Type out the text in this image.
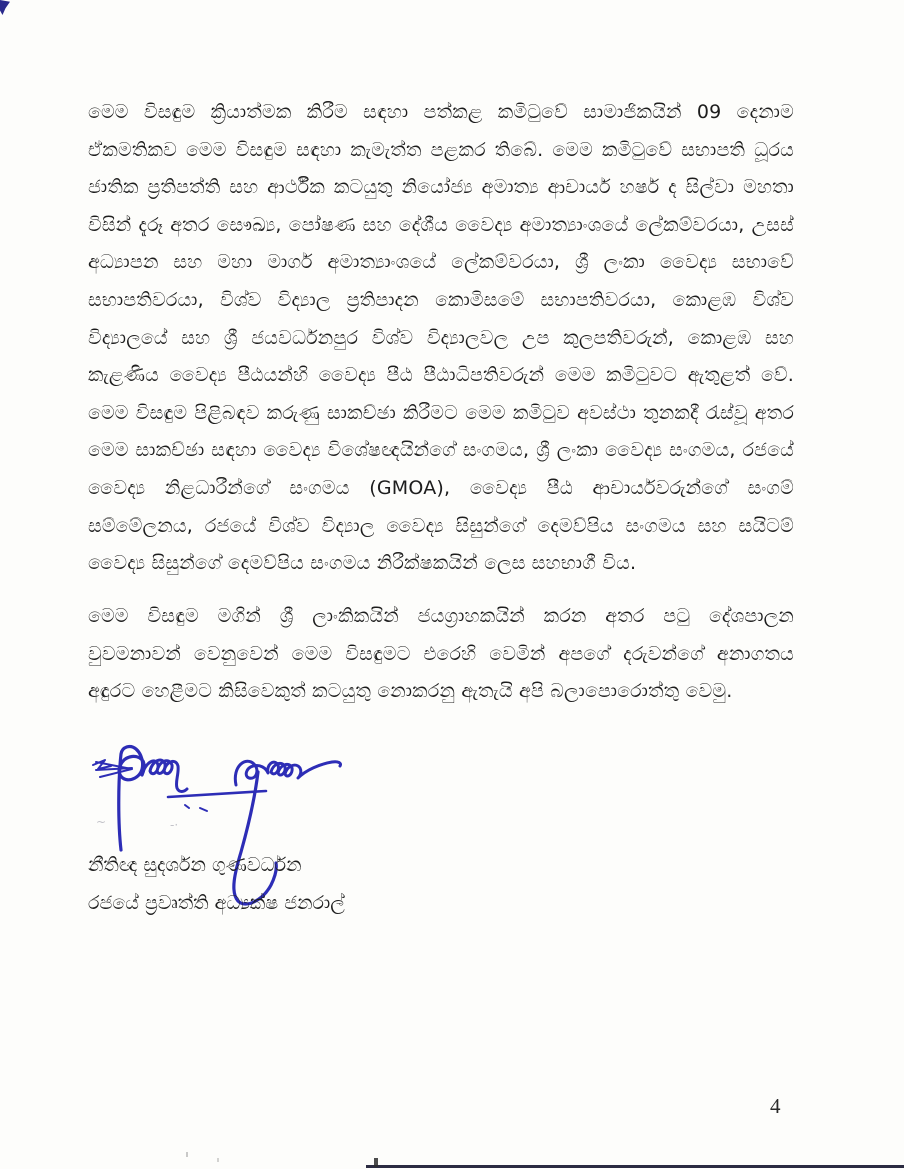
මෙම විසඳුම ක්‍රියාත්මක කිරීම සඳහා පත්කළ කමිටුවේ සාමාජිකයින් 09 දෙනාම
ඒකමතිකව මෙම විසඳුම සඳහා කැමැත්ත පළකර තිබේ. මෙම කමිටුවේ සභාපති ධූරය
ජාතික ප්‍රතිපත්ති සහ ආර්ථීක කටයුතු නියෝජ්‍ය අමාත්‍ය ආචාර්ය හර්ෂ ද සිල්වා මහතා
විසින් දැරූ අතර සෞඛ්‍ය, පෝෂණ සහ දේශීය වෛද්‍ය අමාත්‍යාංශයේ ලේකම්වරයා, උසස්
අධ්‍යාපන සහ මහා මාර්ග අමාත්‍යාංශයේ ලේකම්වරයා, ශ්‍රී ලංකා වෛද්‍ය සභාවේ
සභාපතිවරයා, විශ්ව විද්‍යාල ප්‍රතිපාදන කොමිසමේ සභාපතිවරයා, කොළඹ විශ්ව
විද්‍යාලයේ සහ ශ්‍රී ජයවර්ධනපුර විශ්ව විද්‍යාලවල උප කුලපතිවරුන්, කොළඹ සහ
කැළණිය වෛද්‍ය පීඨයන්හි වෛද්‍ය පීඨ පීඨාධිපතිවරුන් මෙම කමිටුවට ඇතුළත් වේ.
මෙම විසඳුම පිළිබඳව කරුණු සාකච්ඡා කිරීමට මෙම කමිටුව අවස්ථා තුනකදී රැස්වූ අතර
මෙම සාකච්ඡා සඳහා වෛද්‍ය විශේෂඥයින්ගේ සංගමය, ශ්‍රී ලංකා වෛද්‍ය සංගමය, රජයේ
වෛද්‍ය නිළධාරීන්ගේ සංගමය (GMOA), වෛද්‍ය පීඨ ආචාර්යවරුන්ගේ සංගම්
සම්මේලනය, රජයේ විශ්ව විද්‍යාල වෛද්‍ය සිසුන්ගේ දෙමව්පිය සංගමය සහ සයිටම්
වෛද්‍ය සිසුන්ගේ දෙමව්පිය සංගමය නිරීක්ෂකයින් ලෙස සහභාගී විය.
මෙම විසඳුම මගින් ශ්‍රී ලාංකිකයින් ජයග්‍රාහකයින් කරන අතර පටු දේශපාලන
වුවමනාවන් වෙනුවෙන් මෙම විසඳුමට එරෙහි වෙමින් අපගේ දරුවන්ගේ අනාගතය
අඳුරට හෙළීමට කිසිවෙකුත් කටයුතු නොකරනු ඇතැයි අපි බලාපොරොත්තු වෙමු.
~	-·
නීතිඥ සුදර්ශන ගුණවර්ධන
රජයේ ප්‍රවෘත්ති අධ්‍යක්ෂ ජනරාල්
4
